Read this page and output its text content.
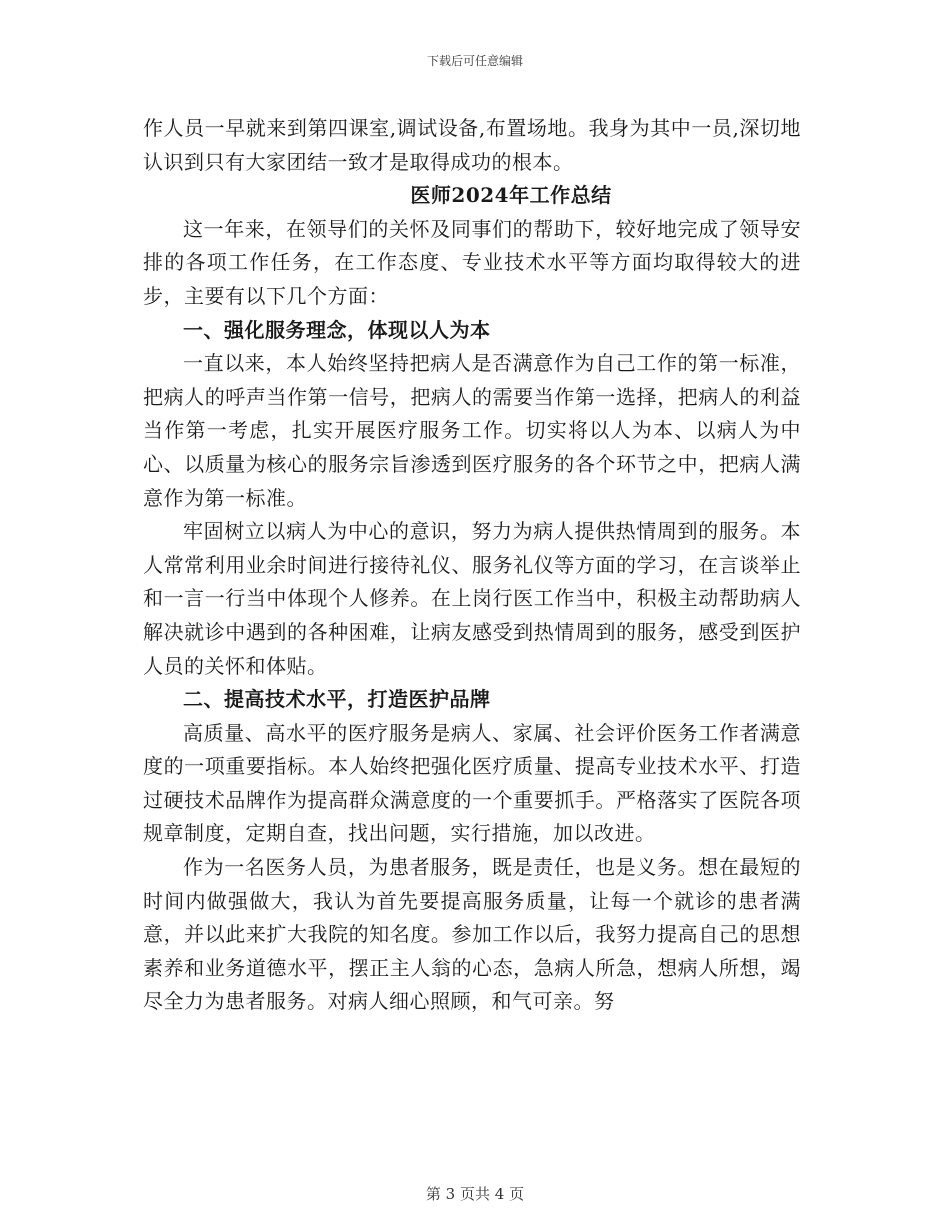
下载后可任意编辑

作人员一早就来到第四课室,调试设备,布置场地。我身为其中一员,深切地认识到只有大家团结一致才是取得成功的根本。

医师2024年工作总结

这一年来，在领导们的关怀及同事们的帮助下，较好地完成了领导安排的各项工作任务，在工作态度、专业技术水平等方面均取得较大的进步，主要有以下几个方面：

一、强化服务理念，体现以人为本

一直以来，本人始终坚持把病人是否满意作为自己工作的第一标准，把病人的呼声当作第一信号，把病人的需要当作第一选择，把病人的利益当作第一考虑，扎实开展医疗服务工作。切实将以人为本、以病人为中心、以质量为核心的服务宗旨渗透到医疗服务的各个环节之中，把病人满意作为第一标准。

牢固树立以病人为中心的意识，努力为病人提供热情周到的服务。本人常常利用业余时间进行接待礼仪、服务礼仪等方面的学习，在言谈举止和一言一行当中体现个人修养。在上岗行医工作当中，积极主动帮助病人解决就诊中遇到的各种困难，让病友感受到热情周到的服务，感受到医护人员的关怀和体贴。

二、提高技术水平，打造医护品牌

高质量、高水平的医疗服务是病人、家属、社会评价医务工作者满意度的一项重要指标。本人始终把强化医疗质量、提高专业技术水平、打造过硬技术品牌作为提高群众满意度的一个重要抓手。严格落实了医院各项规章制度，定期自查，找出问题，实行措施，加以改进。

作为一名医务人员，为患者服务，既是责任，也是义务。想在最短的时间内做强做大，我认为首先要提高服务质量，让每一个就诊的患者满意，并以此来扩大我院的知名度。参加工作以后，我努力提高自己的思想素养和业务道德水平，摆正主人翁的心态，急病人所急，想病人所想，竭尽全力为患者服务。对病人细心照顾，和气可亲。努

第 3 页共 4 页
